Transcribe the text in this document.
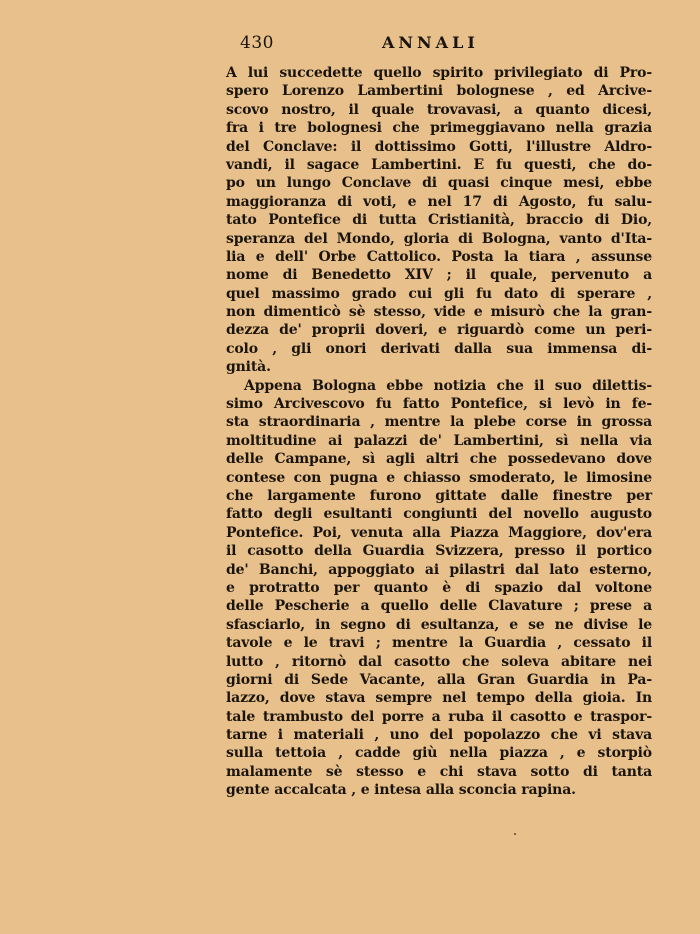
430	ANNALI
A lui succedette quello spirito privilegiato di Pro-
spero Lorenzo Lambertini bolognese , ed Arcive-
scovo nostro, il quale trovavasi, a quanto dicesi,
fra i tre bolognesi che primeggiavano nella grazia
del Conclave: il dottissimo Gotti, l'illustre Aldro-
vandi, il sagace Lambertini. E fu questi, che do-
po un lungo Conclave di quasi cinque mesi, ebbe
maggioranza di voti, e nel 17 di Agosto, fu salu-
tato Pontefice di tutta Cristianità, braccio di Dio,
speranza del Mondo, gloria di Bologna, vanto d'Ita-
lia e dell' Orbe Cattolico. Posta la tiara , assunse
nome di Benedetto XIV ; il quale, pervenuto a
quel massimo grado cui gli fu dato di sperare ,
non dimenticò sè stesso, vide e misurò che la gran-
dezza de' proprii doveri, e riguardò come un peri-
colo , gli onori derivati dalla sua immensa di-
gnità.
Appena Bologna ebbe notizia che il suo dilettis-
simo Arcivescovo fu fatto Pontefice, si levò in fe-
sta straordinaria , mentre la plebe corse in grossa
moltitudine ai palazzi de' Lambertini, sì nella via
delle Campane, sì agli altri che possedevano dove
contese con pugna e chiasso smoderato, le limosine
che largamente furono gittate dalle finestre per
fatto degli esultanti congiunti del novello augusto
Pontefice. Poi, venuta alla Piazza Maggiore, dov'era
il casotto della Guardia Svizzera, presso il portico
de' Banchi, appoggiato ai pilastri dal lato esterno,
e protratto per quanto è di spazio dal voltone
delle Pescherie a quello delle Clavature ; prese a
sfasciarlo, in segno di esultanza, e se ne divise le
tavole e le travi ; mentre la Guardia , cessato il
lutto , ritornò dal casotto che soleva abitare nei
giorni di Sede Vacante, alla Gran Guardia in Pa-
lazzo, dove stava sempre nel tempo della gioia. In
tale trambusto del porre a ruba il casotto e traspor-
tarne i materiali , uno del popolazzo che vi stava
sulla tettoia , cadde giù nella piazza , e storpiò
malamente sè stesso e chi stava sotto di tanta
gente accalcata , e intesa alla sconcia rapina.
